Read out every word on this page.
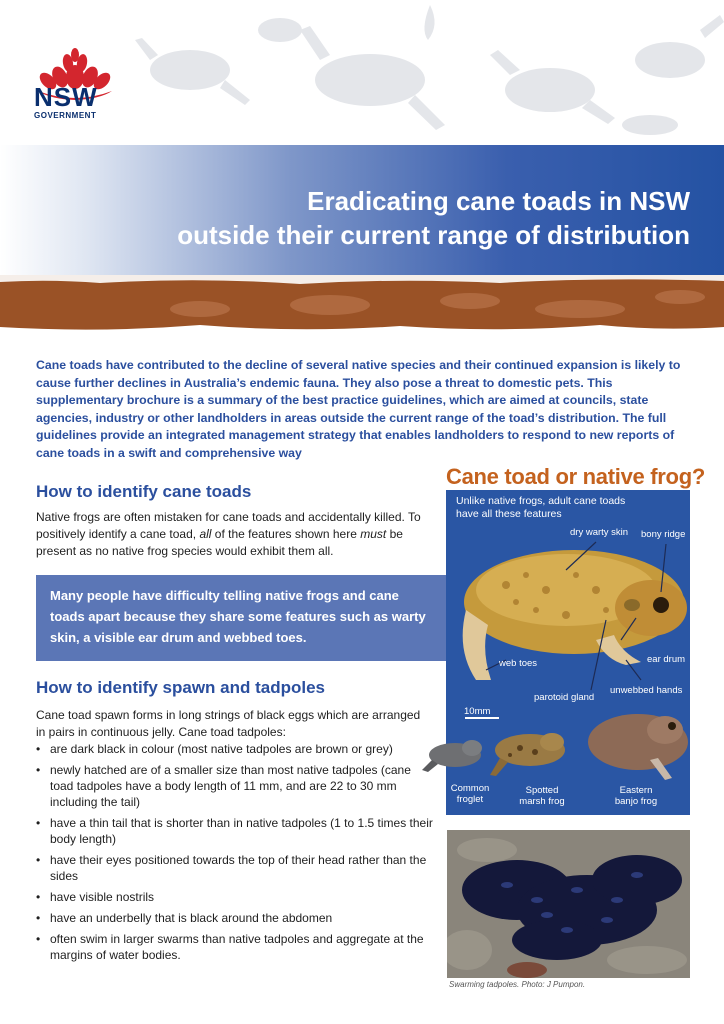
NSW
GOVERNMENT
Eradicating cane toads in NSW
outside their current range of distribution
Cane toads have contributed to the decline of several native species and their continued expansion is likely to cause further declines in Australia’s endemic fauna. They also pose a threat to domestic pets. This supplementary brochure is a summary of the best practice guidelines, which are aimed at councils, state agencies, industry or other landholders in areas outside the current range of the toad’s distribution. The full guidelines provide an integrated management strategy that enables landholders to respond to new reports of cane toads in a swift and comprehensive way
How to identify cane toads
Native frogs are often mistaken for cane toads and accidentally killed. To positively identify a cane toad, all of the features shown here must be present as no native frog species would exhibit them all.

Many people have difficulty telling native frogs and cane toads apart because they share some features such as warty skin, a visible ear drum and webbed toes.

How to identify spawn and tadpoles
Cane toad spawn forms in long strings of black eggs which are arranged in pairs in continuous jelly. Cane toad tadpoles:
• are dark black in colour (most native tadpoles are brown or grey)
• newly hatched are of a smaller size than most native tadpoles (cane toad tadpoles have a body length of 11 mm, and are 22 to 30 mm including the tail)
• have a thin tail that is shorter than in native tadpoles (1 to 1.5 times their body length)
• have their eyes positioned towards the top of their head rather than the sides
• have visible nostrils
• have an underbelly that is black around the abdomen
• often swim in larger swarms than native tadpoles and aggregate at the margins of water bodies.
Cane toad or native frog?
Unlike native frogs, adult cane toads have all these features
dry warty skin bony ridge
web toes	ear drum
parotoid gland
unwebbed hands
10mm
Common
froglet
Spotted
marsh frog
Eastern
banjo frog
Swarming tadpoles. Photo: J Pumpon.
